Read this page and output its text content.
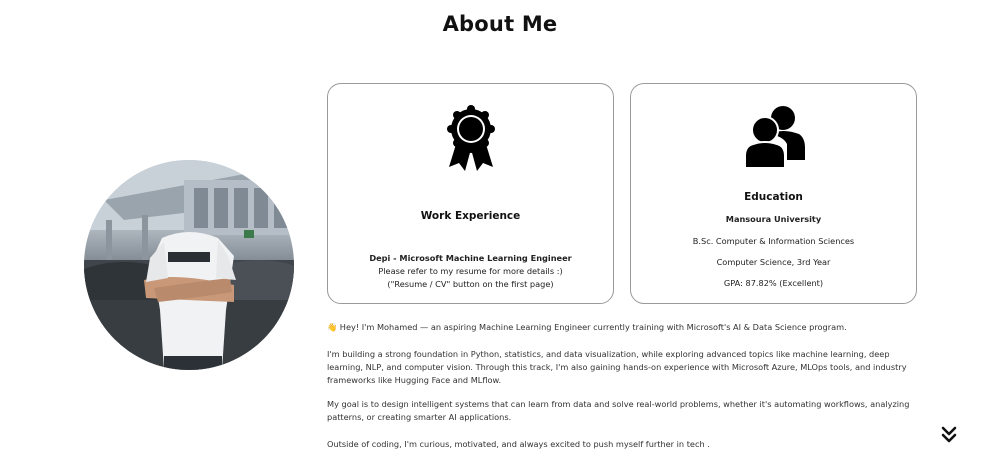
About Me
Work Experience
Depi - Microsoft Machine Learning Engineer
Please refer to my resume for more details :)
("Resume / CV" button on the first page)
Education
Mansoura University
B.Sc. Computer & Information Sciences
Computer Science, 3rd Year
GPA: 87.82% (Excellent)

👋 Hey! I'm Mohamed — an aspiring Machine Learning Engineer currently training with Microsoft's AI & Data Science program.

I'm building a strong foundation in Python, statistics, and data visualization, while exploring advanced topics like machine learning, deep learning, NLP, and computer vision. Through this track, I'm also gaining hands-on experience with Microsoft Azure, MLOps tools, and industry frameworks like Hugging Face and MLflow.

My goal is to design intelligent systems that can learn from data and solve real-world problems, whether it's automating workflows, analyzing patterns, or creating smarter AI applications.

Outside of coding, I'm curious, motivated, and always excited to push myself further in tech .
